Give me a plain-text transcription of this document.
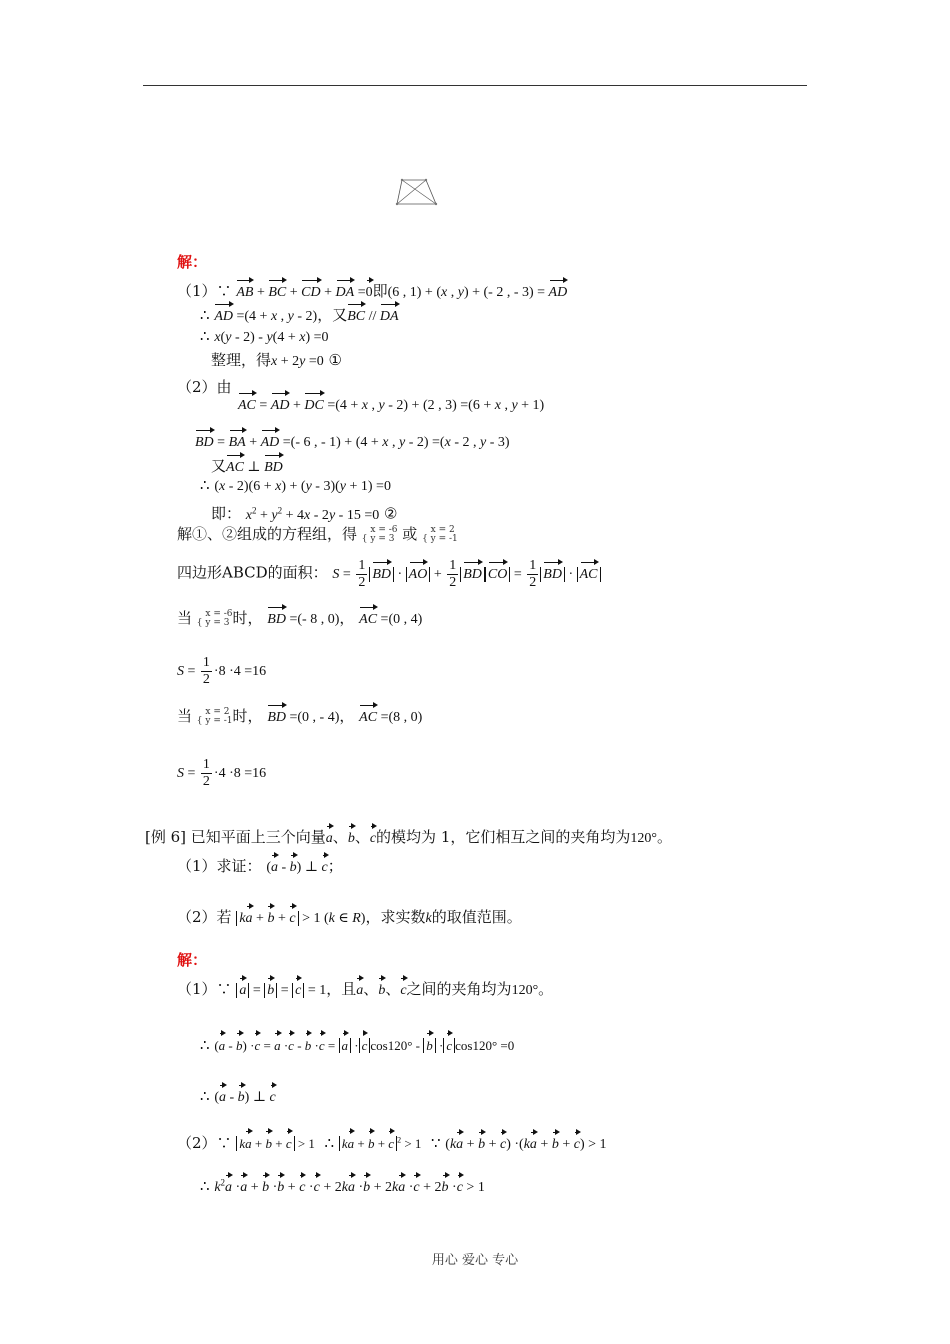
解：
（1）∵ AB + BC + CD + DA =0即(6 , 1) + (x , y) + (- 2 , - 3) = AD
∴ AD =(4 + x , y - 2)，又BC // DA
∴ x(y - 2) - y(4 + x) =0
整理，得x + 2y =0 ①
（2）由
AC = AD + DC =(4 + x , y - 2) + (2 , 3) =(6 + x , y + 1)
BD = BA + AD =(- 6 , - 1) + (4 + x , y - 2) =(x - 2 , y - 3)
又AC ⊥ BD
∴ (x - 2)(6 + x) + (y - 3)(y + 1) =0
即： $x^2 + y^2 + 4x - 2y - 15 =0$ ②
解①、②组成的方程组，得 { x = -6
y = 3 或 { x = 2
y = -1
四边形ABCD的面积： $S = \frac{1}{2}$ BD · AO + $\frac{1}{2}$ BD CO = $\frac{1}{2}$ BD · AC
当 { x = -6
y = 3 时， BD =(- 8 , 0)， AC =(0 , 4)
$S = \frac{1}{2} \cdot 8 \cdot 4 =16$
当 { x = 2
y = -1时， BD =(0 , - 4)， AC =(8 , 0)
$S = \frac{1}{2} \cdot 4 \cdot 8 =16$
[例 6] 已知平面上三个向量a、b、c的模均为 1，它们相互之间的夹角均为120°。
（1）求证： (a - b) ⊥ c；
（2）若 ka + b + c > 1 (k ∈ R)，求实数k的取值范围。
解：
（1）∵ a = b = c = 1，且a、b、c之间的夹角均为120°。
∴ (a - b) ·c = a ·c - b ·c = a · c cos120° - b · c cos120° =0
∴ (a - b) ⊥ c
（2）∵ ka + b + c > 1 ∴ ka + b + c $^2$ > 1 ∵ (ka + b + c) ·(ka + b + c) > 1
∴ $k^2a \cdot a + b \cdot b + c \cdot c + 2ka \cdot b + 2ka \cdot c + 2b \cdot c > 1$
用心 爱心 专心
